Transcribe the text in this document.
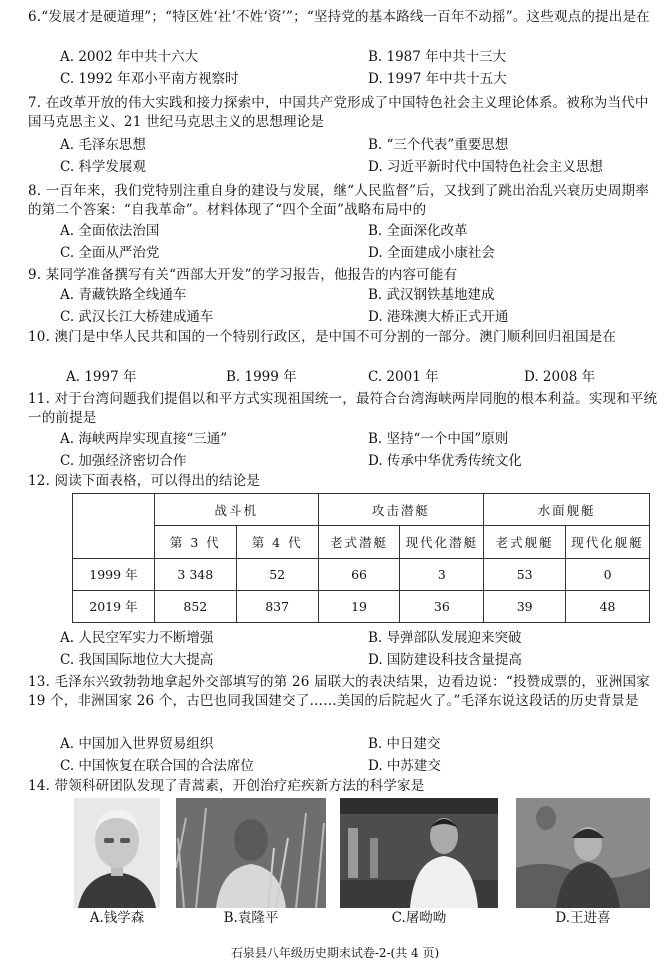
6.“发展才是硬道理”；“特区姓‘社’不姓‘资’”；“坚持党的基本路线一百年不动摇”。这些观点的提出是在
A. 2002 年中共十六大	B. 1987 年中共十三大
C. 1992 年邓小平南方视察时	D. 1997 年中共十五大
7. 在改革开放的伟大实践和接力探索中，中国共产党形成了中国特色社会主义理论体系。被称为当代中国马克思主义、21 世纪马克思主义的思想理论是
A. 毛泽东思想	B. “三个代表”重要思想
C. 科学发展观	D. 习近平新时代中国特色社会主义思想
8. 一百年来，我们党特别注重自身的建设与发展，继“人民监督”后，又找到了跳出治乱兴衰历史周期率的第二个答案：“自我革命”。材料体现了“四个全面”战略布局中的
A. 全面依法治国	B. 全面深化改革
C. 全面从严治党	D. 全面建成小康社会
9. 某同学准备撰写有关“西部大开发”的学习报告，他报告的内容可能有
A. 青藏铁路全线通车	B. 武汉钢铁基地建成
C. 武汉长江大桥建成通车	D. 港珠澳大桥正式开通
10. 澳门是中华人民共和国的一个特别行政区，是中国不可分割的一部分。澳门顺利回归祖国是在
A. 1997 年	B. 1999 年	C. 2001 年	D. 2008 年
11. 对于台湾问题我们提倡以和平方式实现祖国统一，最符合台湾海峡两岸同胞的根本利益。实现和平统一的前提是
A. 海峡两岸实现直接“三通”	B. 坚持“一个中国”原则
C. 加强经济密切合作	D. 传承中华优秀传统文化
12. 阅读下面表格，可以得出的结论是
	战斗机		攻击潜艇		水面舰艇	
	第 3 代	第 4 代	老式潜艇	现代化潜艇	老式舰艇	现代化舰艇
1999 年	3 348	52	66	3	53	0
2019 年	852	837	19	36	39	48
A. 人民空军实力不断增强	B. 导弹部队发展迎来突破
C. 我国国际地位大大提高	D. 国防建设科技含量提高
13. 毛泽东兴致勃勃地拿起外交部填写的第 26 届联大的表决结果，边看边说：“投赞成票的，亚洲国家 19 个，非洲国家 26 个，古巴也同我国建交了……美国的后院起火了。”毛泽东说这段话的历史背景是
A. 中国加入世界贸易组织	B. 中日建交
C. 中国恢复在联合国的合法席位	D. 中苏建交
14. 带领科研团队发现了青蒿素，开创治疗疟疾新方法的科学家是
A.钱学森	B.袁隆平	C.屠呦呦	D.王进喜
石泉县八年级历史期末试卷-2-(共 4 页)
